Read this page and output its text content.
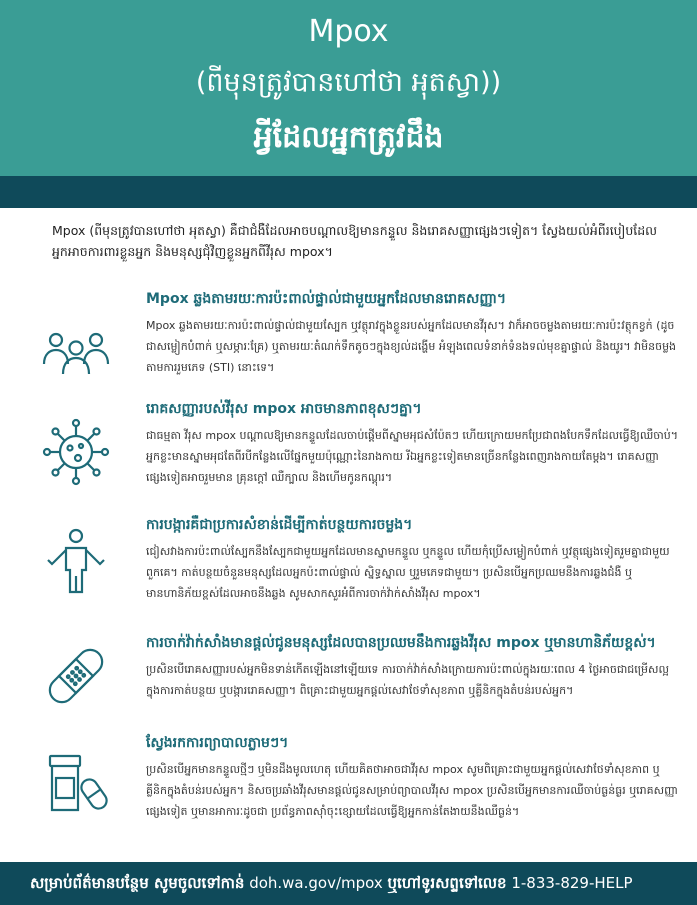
Mpox
(ពីមុនត្រូវបានហៅថា អុតស្វា))
អ្វីដែលអ្នកត្រូវដឹង
Mpox (ពីមុនត្រូវបានហៅថា អុតស្វា) គឺជាជំងឺដែលអាចបណ្តាលឱ្យមានកន្ទួល និងរោគសញ្ញាផ្សេងៗទៀត។ ស្វែងយល់អំពីរបៀបដែលអ្នកអាចការពារខ្លួនអ្នក និងមនុស្សជុំវិញខ្លួនអ្នកពីវីរុស mpox។
Mpox ឆ្លងតាមរយៈការប៉ះពាល់ផ្ទាល់ជាមួយអ្នកដែលមានរោគសញ្ញា។
Mpox ឆ្លងតាមរយៈការប៉ះពាល់ផ្ទាល់ជាមួយស្បែក ឬវត្ថុរាវក្នុងខ្លួនរបស់អ្នកដែលមានវីរុស។ វាក៏អាចចម្លងតាមរយៈការប៉ះវត្ថុកខ្វក់ (ដូចជាសម្លៀកបំពាក់ ឬសម្ភារៈគ្រែ) ឬតាមរយៈតំណក់ទឹកតូចៗក្នុងខ្យល់ដង្ហើម អំឡុងពេលទំនាក់ទំនងទល់មុខគ្នាផ្ទាល់ និងយូរ។ វាមិនចម្លងតាមការរួមភេទ (STI) នោះទេ។
រោគសញ្ញារបស់វីរុស mpox អាចមានភាពខុសៗគ្នា។
ជាធម្មតា វីរុស mpox បណ្តាលឱ្យមានកន្ទួលដែលចាប់ផ្តើមពីស្នាមអុជសំប៉ែតៗ ហើយក្រោយមកប្រែជាពងបែកទឹកដែលធ្វើឱ្យឈឺចាប់។ អ្នកខ្លះមានស្នាមអុជតែពីរបីកន្លែងលើផ្នែកមួយប៉ុណ្ណោះនៃរាងកាយ រីឯអ្នកខ្លះទៀតមានច្រើនកន្លែងពេញរាងកាយតែម្តង។ រោគសញ្ញាផ្សេងទៀតអាចរួមមាន គ្រុនក្តៅ ឈឺក្បាល និងហើមកូនកណ្តុរ។
ការបង្ការគឺជាប្រការសំខាន់ដើម្បីកាត់បន្ថយការចម្លង។
ជៀសវាងការប៉ះពាល់ស្បែកនឹងស្បែកជាមួយអ្នកដែលមានស្នាមកន្ទួល ឬកន្ទួល ហើយកុំប្រើសម្លៀកបំពាក់ ឬវត្ថុផ្សេងទៀតរួមគ្នាជាមួយពួកគេ។ កាត់បន្ថយចំនួនមនុស្សដែលអ្នកប៉ះពាល់ផ្ទាល់ ស្និទ្ធស្នាល ឬរួមភេទជាមួយ។ ប្រសិនបើអ្នកប្រឈមនឹងការឆ្លងជំងឺ ឬមានហានិភ័យខ្ពស់ដែលអាចនឹងឆ្លង សូមសាកសួរអំពីការចាក់វ៉ាក់សាំងវីរុស mpox។
ការចាក់វ៉ាក់សាំងមានផ្តល់ជូនមនុស្សដែលបានប្រឈមនឹងការឆ្លងវីរុស mpox ឬមានហានិភ័យខ្ពស់។
ប្រសិនបើរោគសញ្ញារបស់អ្នកមិនទាន់កើតឡើងនៅឡើយទេ ការចាក់វ៉ាក់សាំងក្រោយការប៉ះពាល់ក្នុងរយៈពេល 4 ថ្ងៃអាចជាជម្រើសល្អក្នុងការកាត់បន្ថយ ឬបង្ការរោគសញ្ញា។ ពិគ្រោះជាមួយអ្នកផ្តល់សេវាថែទាំសុខភាព ឬគ្លីនិកក្នុងតំបន់របស់អ្នក។
ស្វែងរកការព្យាបាលភ្លាមៗ។
ប្រសិនបើអ្នកមានកន្ទួលថ្មីៗ ឬមិនដឹងមូលហេតុ ហើយគិតថាអាចជាវីរុស mpox សូមពិគ្រោះជាមួយអ្នកផ្តល់សេវាថែទាំសុខភាព ឬគ្លីនិកក្នុងតំបន់របស់អ្នក។ និសចប្រឆាំងវីរុសមានផ្តល់ជូនសម្រាប់ព្យាបាលវីរុស mpox ប្រសិនបើអ្នកមានការឈឺចាប់ធ្ងន់ធ្ងរ ឬរោគសញ្ញាផ្សេងទៀត ឬមានអាការៈដូចជា ប្រព័ន្ធភាពស៊ាំចុះខ្សោយដែលធ្វើឱ្យអ្នកកាន់តែងាយនឹងឈឺធ្ងន់។
សម្រាប់ព័ត៌មានបន្ថែម សូមចូលទៅកាន់ doh.wa.gov/mpox ឬហៅទូរសព្ទទៅលេខ 1-833-829-HELP
